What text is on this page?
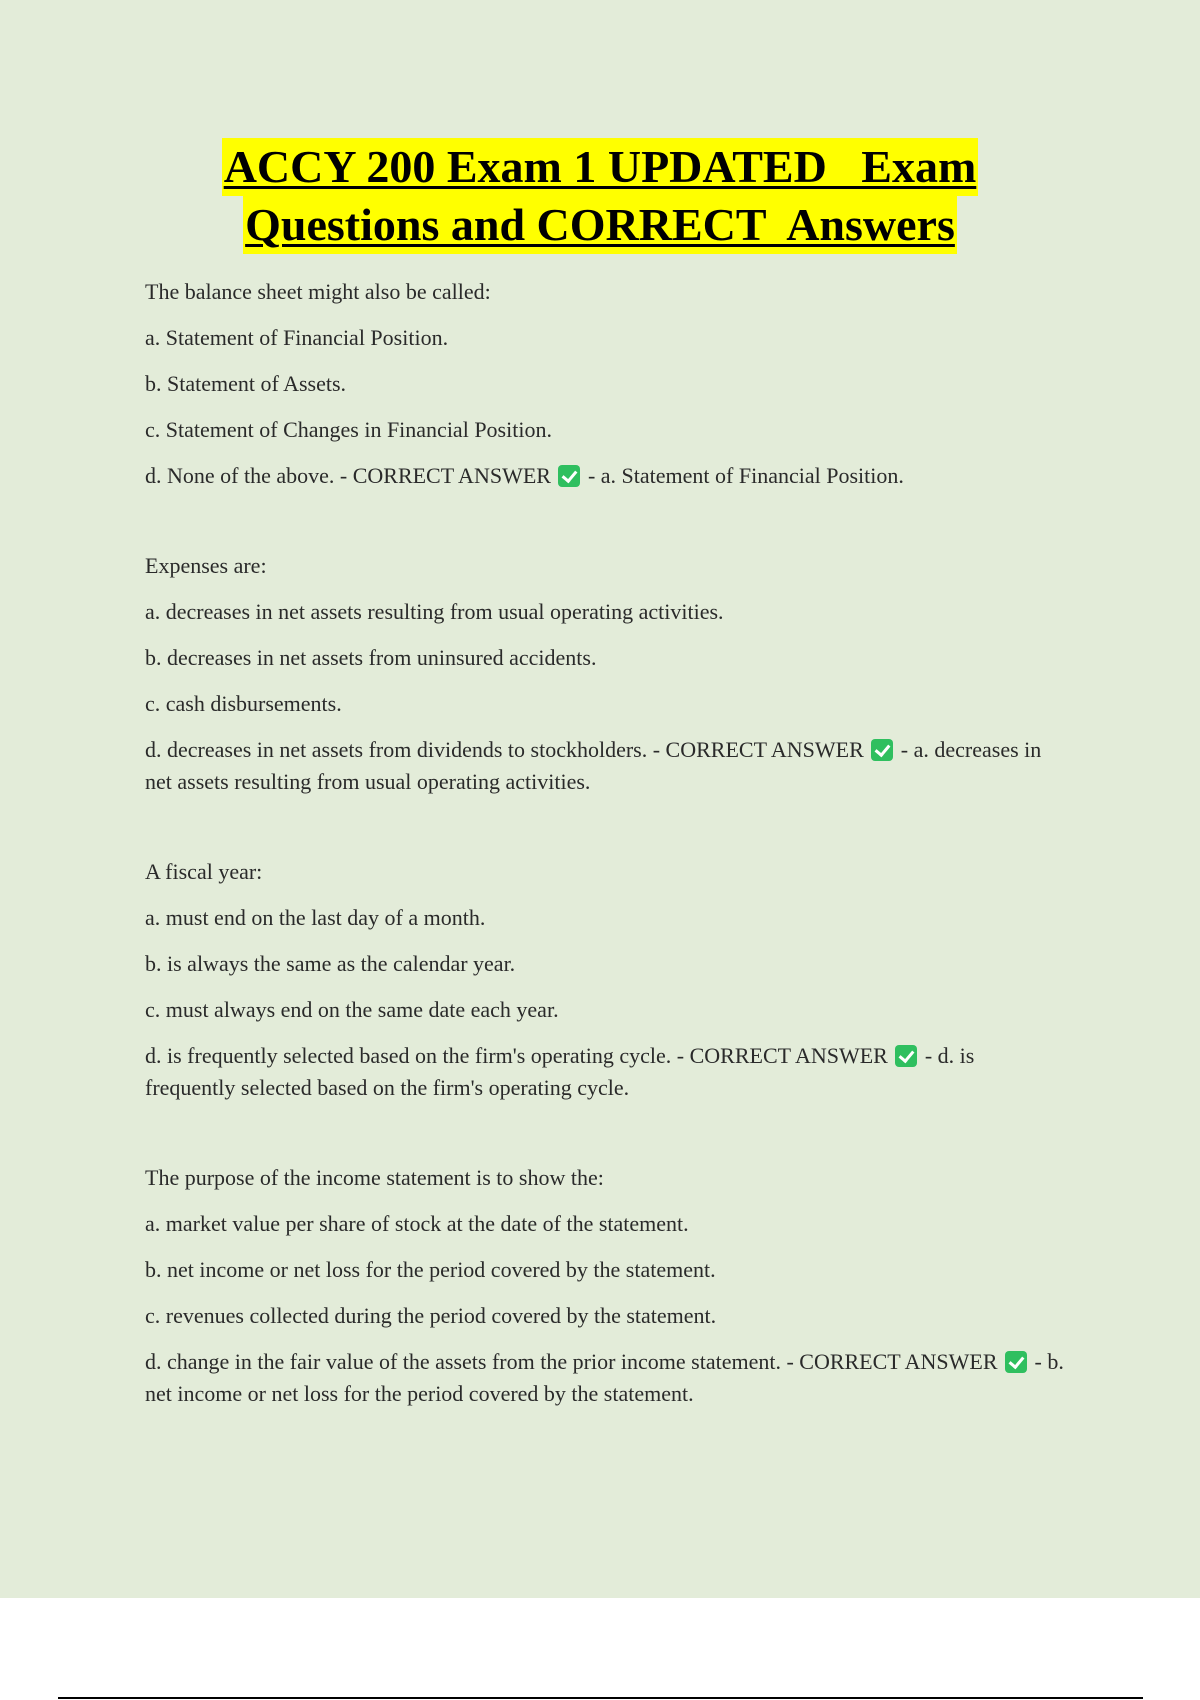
ACCY 200 Exam 1 UPDATED   Exam
Questions and CORRECT  Answers

The balance sheet might also be called:

a. Statement of Financial Position.

b. Statement of Assets.

c. Statement of Changes in Financial Position.

d. None of the above. - CORRECT ANSWER - a. Statement of Financial Position.

Expenses are:

a. decreases in net assets resulting from usual operating activities.

b. decreases in net assets from uninsured accidents.

c. cash disbursements.

d. decreases in net assets from dividends to stockholders. - CORRECT ANSWER - a. decreases in net assets resulting from usual operating activities.

A fiscal year:

a. must end on the last day of a month.

b. is always the same as the calendar year.

c. must always end on the same date each year.

d. is frequently selected based on the firm's operating cycle. - CORRECT ANSWER - d. is frequently selected based on the firm's operating cycle.

The purpose of the income statement is to show the:

a. market value per share of stock at the date of the statement.

b. net income or net loss for the period covered by the statement.

c. revenues collected during the period covered by the statement.

d. change in the fair value of the assets from the prior income statement. - CORRECT ANSWER - b. net income or net loss for the period covered by the statement.
